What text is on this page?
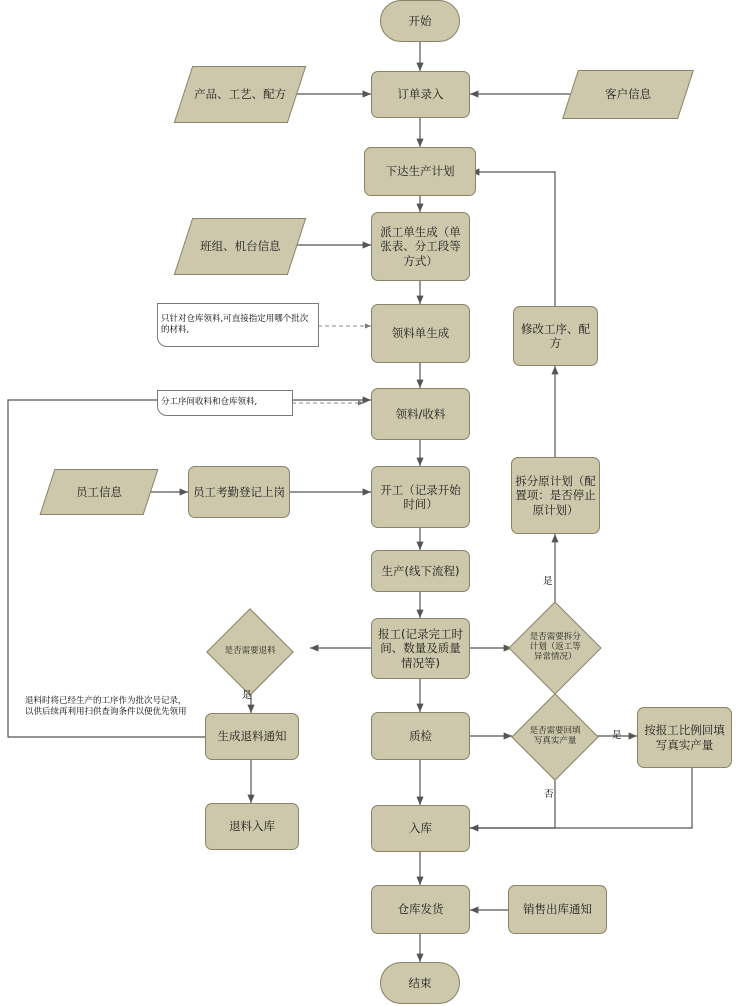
开始
订单录入
产品、工艺、配方	客户信息
下达生产计划
派工单生成（单张表、分工段等方式）
班组、机台信息
领料单生成	修改工序、配方
领料/收料
员工信息	员工考勤登记上岗	开工（记录开始时间）
拆分原计划（配置项：是否停止原计划）
生产(线下流程)
报工(记录完工时间、数量及质量情况等)
是否需要拆分计划（返工等异常情况）
是否需要退料
生成退料通知	质检	是否需要回填写真实产量
按报工比例回填写真实产量
退料入库	入库
仓库发货	销售出库通知
结束
只针对仓库领料,可直接指定用哪个批次的材料,
分工序间收料和仓库领料,
退料时将已经生产的工序作为批次号记录，以供后续再利用扫供查询条件以便优先领用
是
是
是
否
